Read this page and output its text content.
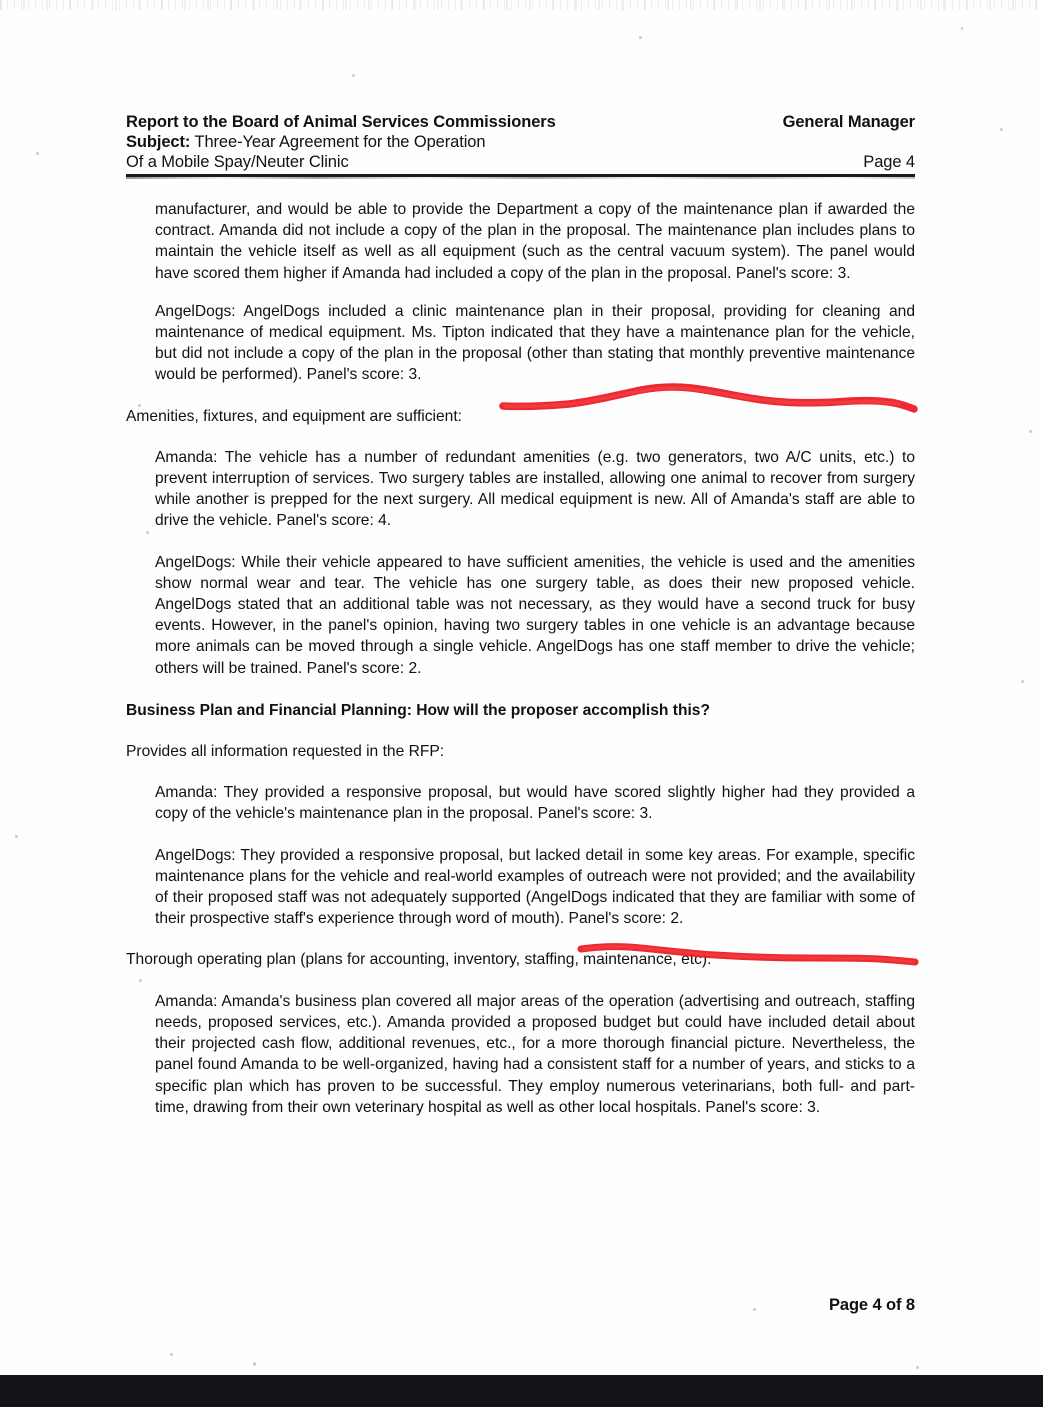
Report to the Board of Animal Services Commissioners	General Manager
Subject: Three-Year Agreement for the Operation
Of a Mobile Spay/Neuter Clinic	Page 4

manufacturer, and would be able to provide the Department a copy of the maintenance plan if awarded the contract. Amanda did not include a copy of the plan in the proposal. The maintenance plan includes plans to maintain the vehicle itself as well as all equipment (such as the central vacuum system). The panel would have scored them higher if Amanda had included a copy of the plan in the proposal. Panel's score: 3.

AngelDogs: AngelDogs included a clinic maintenance plan in their proposal, providing for cleaning and maintenance of medical equipment. Ms. Tipton indicated that they have a maintenance plan for the vehicle, but did not include a copy of the plan in the proposal (other than stating that monthly preventive maintenance would be performed). Panel's score: 3.

Amenities, fixtures, and equipment are sufficient:

Amanda: The vehicle has a number of redundant amenities (e.g. two generators, two A/C units, etc.) to prevent interruption of services. Two surgery tables are installed, allowing one animal to recover from surgery while another is prepped for the next surgery. All medical equipment is new. All of Amanda's staff are able to drive the vehicle. Panel's score: 4.

AngelDogs: While their vehicle appeared to have sufficient amenities, the vehicle is used and the amenities show normal wear and tear. The vehicle has one surgery table, as does their new proposed vehicle. AngelDogs stated that an additional table was not necessary, as they would have a second truck for busy events. However, in the panel's opinion, having two surgery tables in one vehicle is an advantage because more animals can be moved through a single vehicle. AngelDogs has one staff member to drive the vehicle; others will be trained. Panel's score: 2.

Business Plan and Financial Planning: How will the proposer accomplish this?

Provides all information requested in the RFP:

Amanda: They provided a responsive proposal, but would have scored slightly higher had they provided a copy of the vehicle's maintenance plan in the proposal. Panel's score: 3.

AngelDogs: They provided a responsive proposal, but lacked detail in some key areas. For example, specific maintenance plans for the vehicle and real-world examples of outreach were not provided; and the availability of their proposed staff was not adequately supported (AngelDogs indicated that they are familiar with some of their prospective staff's experience through word of mouth). Panel's score: 2.

Thorough operating plan (plans for accounting, inventory, staffing, maintenance, etc):

Amanda: Amanda's business plan covered all major areas of the operation (advertising and outreach, staffing needs, proposed services, etc.). Amanda provided a proposed budget but could have included detail about their projected cash flow, additional revenues, etc., for a more thorough financial picture. Nevertheless, the panel found Amanda to be well-organized, having had a consistent staff for a number of years, and sticks to a specific plan which has proven to be successful. They employ numerous veterinarians, both full- and part-time, drawing from their own veterinary hospital as well as other local hospitals. Panel's score: 3.

Page 4 of 8
